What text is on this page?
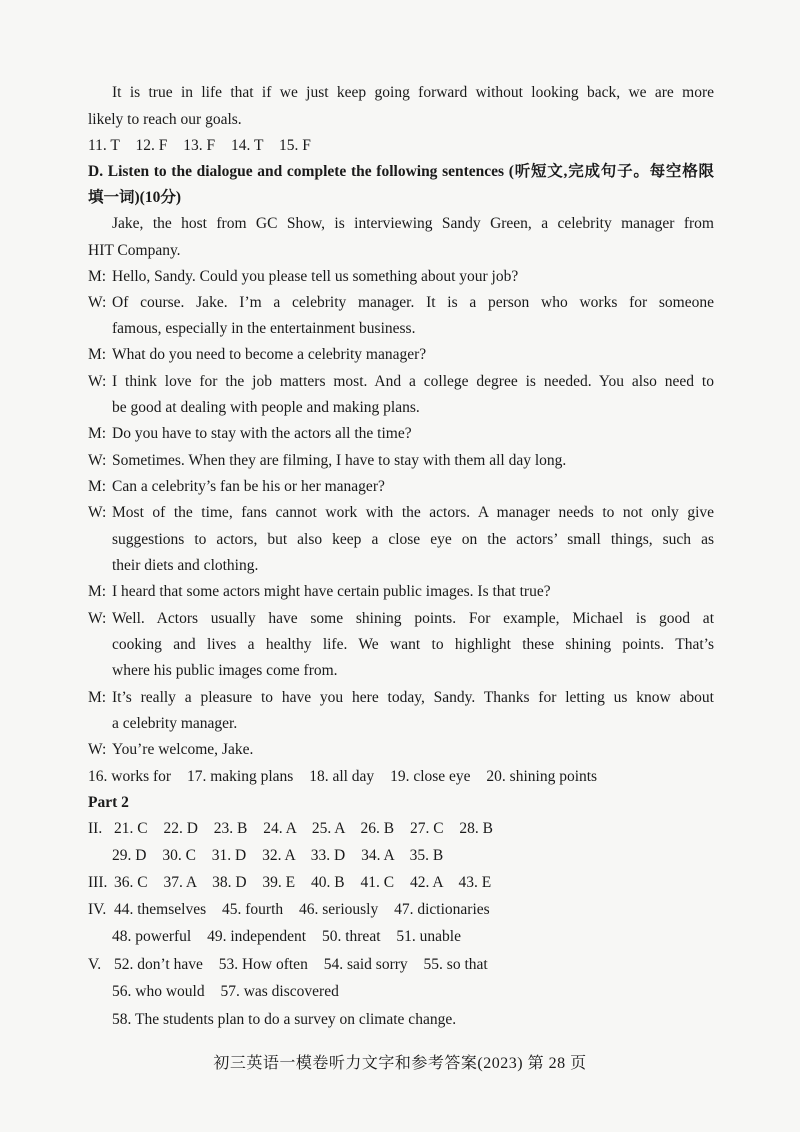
It is true in life that if we just keep going forward without looking back, we are more
likely to reach our goals.
11. T 12. F 13. F 14. T 15. F
D. Listen to the dialogue and complete the following sentences (听短文,完成句子。每空格限
填一词)(10分)
Jake, the host from GC Show, is interviewing Sandy Green, a celebrity manager from
HIT Company.
M: Hello, Sandy. Could you please tell us something about your job?
W: Of course. Jake. I’m a celebrity manager. It is a person who works for someone
famous, especially in the entertainment business.
M: What do you need to become a celebrity manager?
W: I think love for the job matters most. And a college degree is needed. You also need to
be good at dealing with people and making plans.
M: Do you have to stay with the actors all the time?
W: Sometimes. When they are filming, I have to stay with them all day long.
M: Can a celebrity’s fan be his or her manager?
W: Most of the time, fans cannot work with the actors. A manager needs to not only give
suggestions to actors, but also keep a close eye on the actors’ small things, such as
their diets and clothing.
M: I heard that some actors might have certain public images. Is that true?
W: Well. Actors usually have some shining points. For example, Michael is good at
cooking and lives a healthy life. We want to highlight these shining points. That’s
where his public images come from.
M: It’s really a pleasure to have you here today, Sandy. Thanks for letting us know about
a celebrity manager.
W: You’re welcome, Jake.
16. works for 17. making plans 18. all day 19. close eye 20. shining points
Part 2
II. 21. C 22. D 23. B 24. A 25. A 26. B 27. C 28. B
29. D 30. C 31. D 32. A 33. D 34. A 35. B
III. 36. C 37. A 38. D 39. E 40. B 41. C 42. A 43. E
IV. 44. themselves 45. fourth 46. seriously 47. dictionaries
48. powerful 49. independent 50. threat 51. unable
V. 52. don’t have 53. How often 54. said sorry 55. so that
56. who would 57. was discovered
58. The students plan to do a survey on climate change.
初三英语一模卷听力文字和参考答案(2023) 第 28 页
